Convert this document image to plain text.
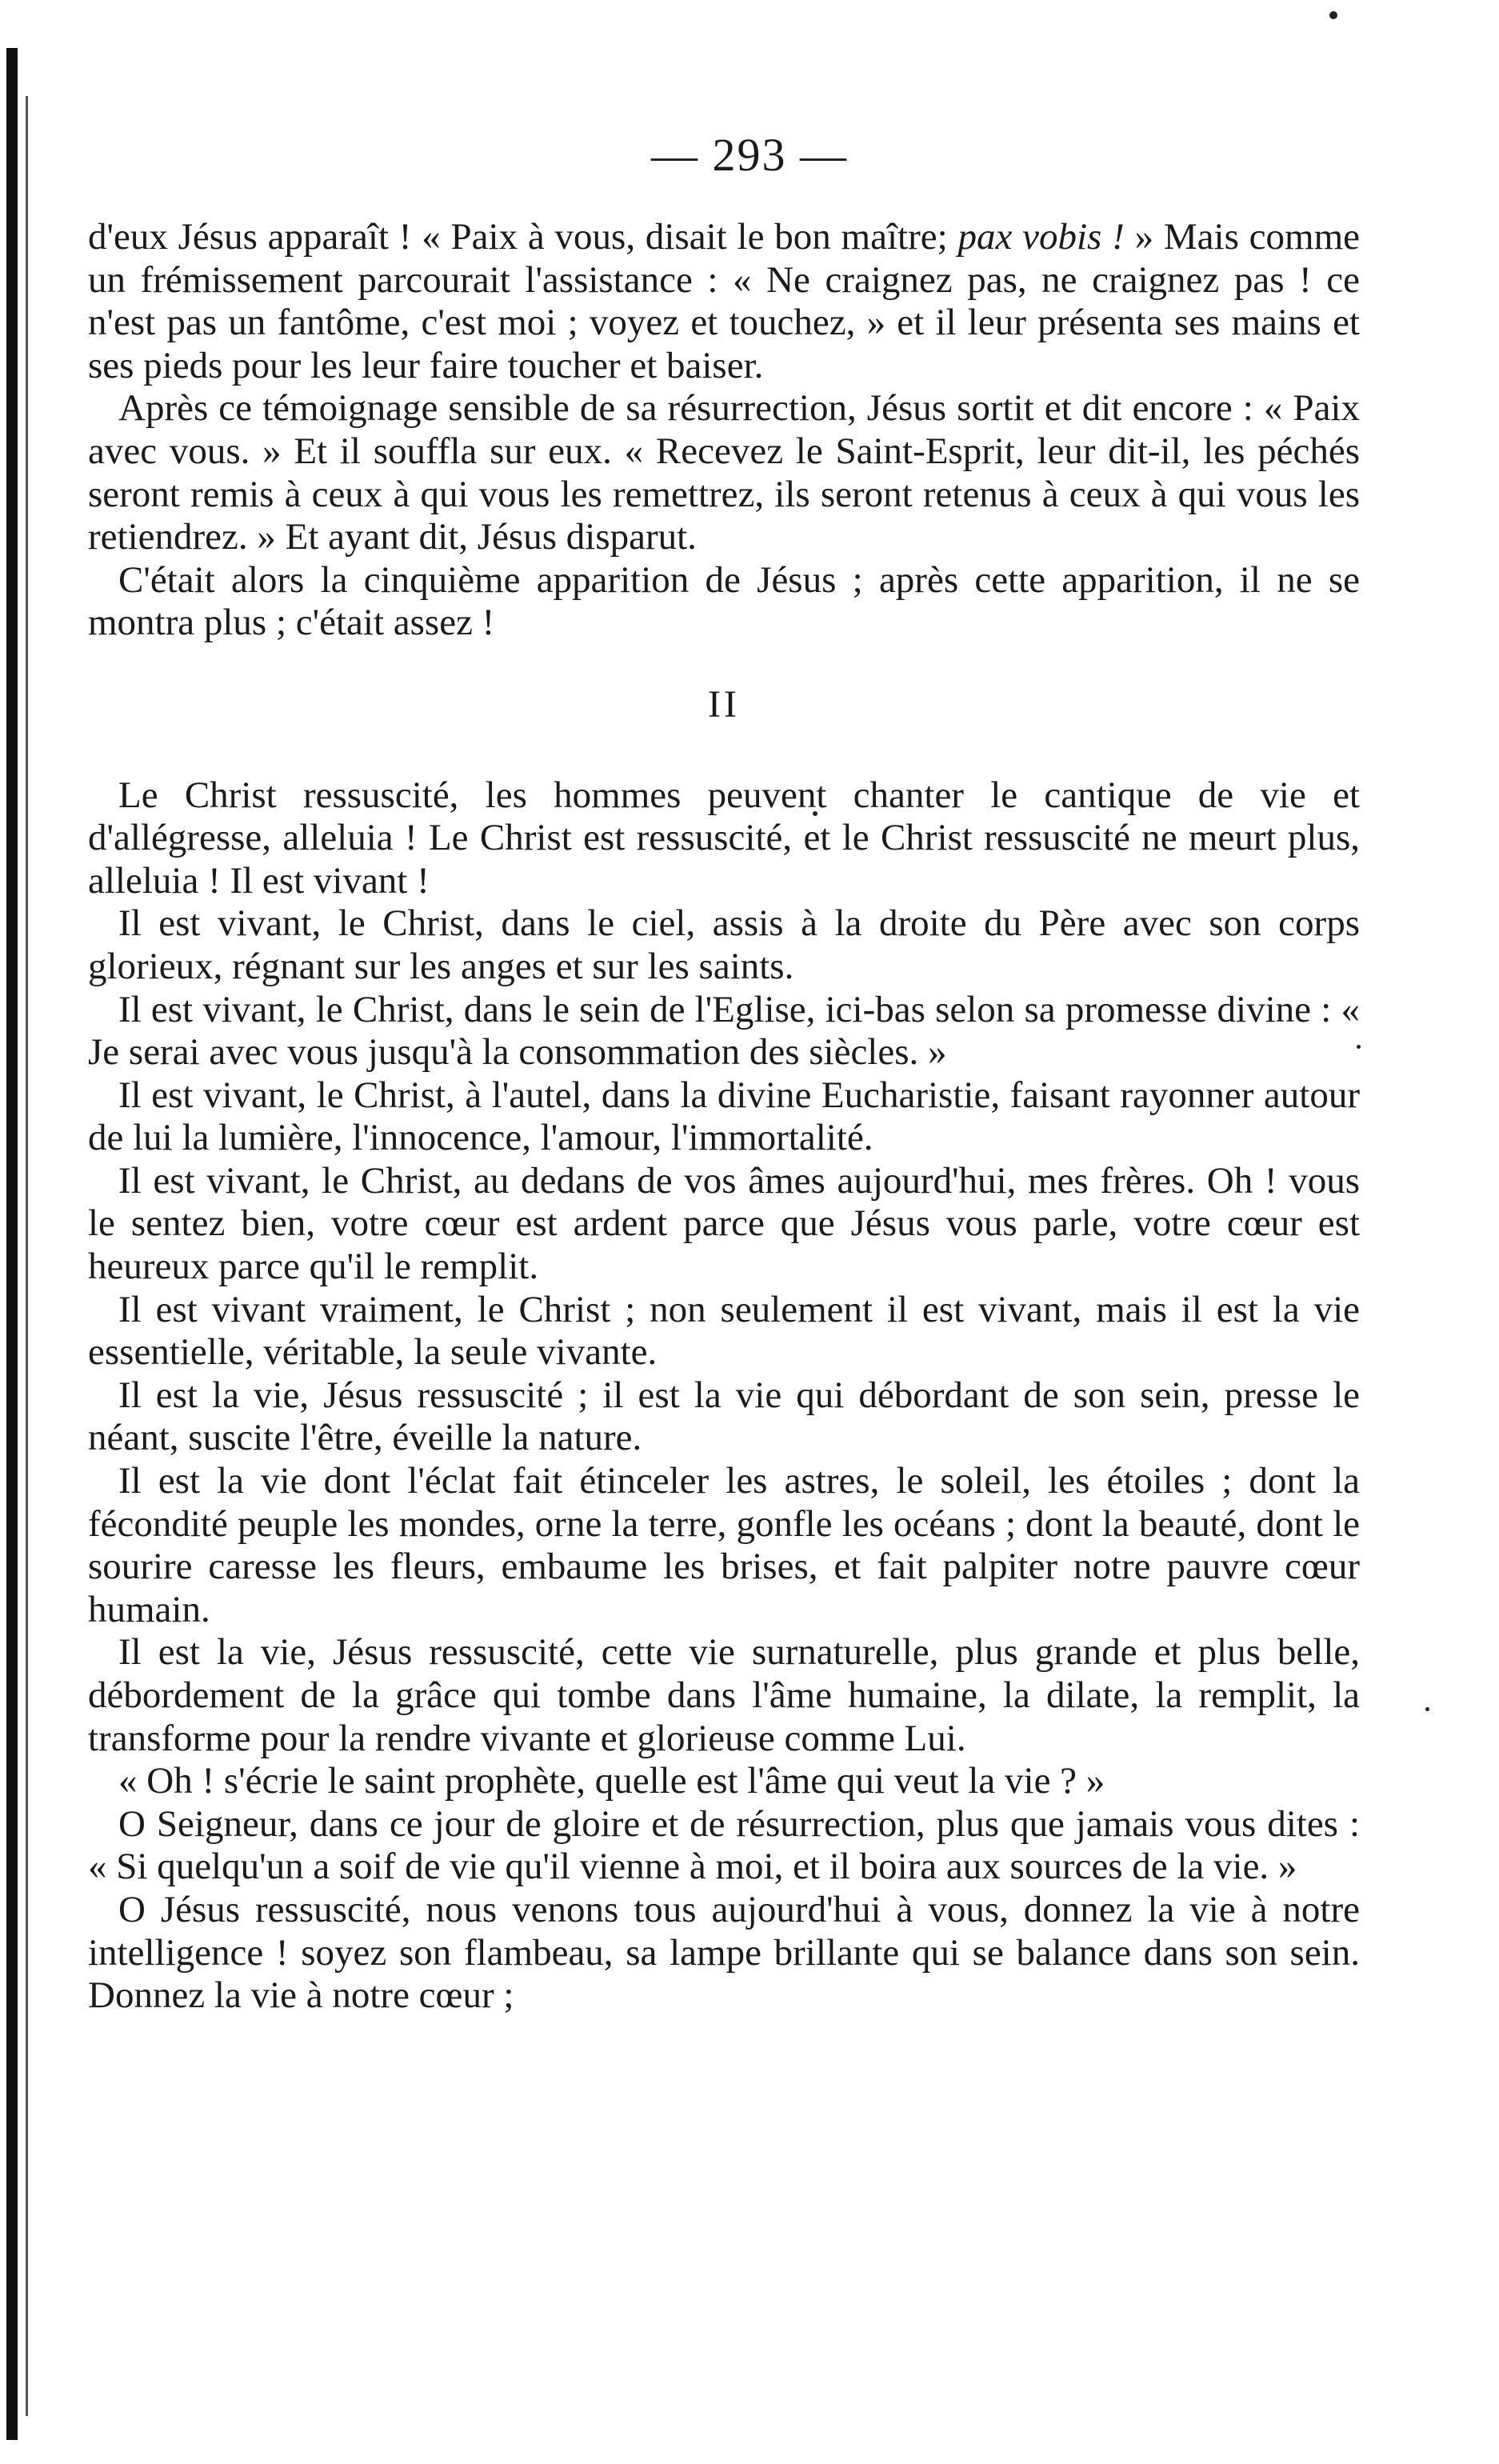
— 293 —

d'eux Jésus apparaît ! « Paix à vous, disait le bon maître; pax vobis ! » Mais comme un frémissement parcourait l'assistance : « Ne craignez pas, ne craignez pas ! ce n'est pas un fantôme, c'est moi ; voyez et touchez, » et il leur présenta ses mains et ses pieds pour les leur faire toucher et baiser.

Après ce témoignage sensible de sa résurrection, Jésus sortit et dit encore : « Paix avec vous. » Et il souffla sur eux. « Recevez le Saint-Esprit, leur dit-il, les péchés seront remis à ceux à qui vous les remettrez, ils seront retenus à ceux à qui vous les retiendrez. » Et ayant dit, Jésus disparut.

C'était alors la cinquième apparition de Jésus ; après cette apparition, il ne se montra plus ; c'était assez !

II

Le Christ ressuscité, les hommes peuvent chanter le cantique de vie et d'allégresse, alleluia ! Le Christ est ressuscité, et le Christ ressuscité ne meurt plus, alleluia ! Il est vivant !

Il est vivant, le Christ, dans le ciel, assis à la droite du Père avec son corps glorieux, régnant sur les anges et sur les saints.

Il est vivant, le Christ, dans le sein de l'Eglise, ici-bas selon sa promesse divine : « Je serai avec vous jusqu'à la consommation des siècles. »

Il est vivant, le Christ, à l'autel, dans la divine Eucharistie, faisant rayonner autour de lui la lumière, l'innocence, l'amour, l'immortalité.

Il est vivant, le Christ, au dedans de vos âmes aujourd'hui, mes frères. Oh ! vous le sentez bien, votre cœur est ardent parce que Jésus vous parle, votre cœur est heureux parce qu'il le remplit.

Il est vivant vraiment, le Christ ; non seulement il est vivant, mais il est la vie essentielle, véritable, la seule vivante.

Il est la vie, Jésus ressuscité ; il est la vie qui débordant de son sein, presse le néant, suscite l'être, éveille la nature.

Il est la vie dont l'éclat fait étinceler les astres, le soleil, les étoiles ; dont la fécondité peuple les mondes, orne la terre, gonfle les océans ; dont la beauté, dont le sourire caresse les fleurs, embaume les brises, et fait palpiter notre pauvre cœur humain.

Il est la vie, Jésus ressuscité, cette vie surnaturelle, plus grande et plus belle, débordement de la grâce qui tombe dans l'âme humaine, la dilate, la remplit, la transforme pour la rendre vivante et glorieuse comme Lui.

« Oh ! s'écrie le saint prophète, quelle est l'âme qui veut la vie ? »

O Seigneur, dans ce jour de gloire et de résurrection, plus que jamais vous dites : « Si quelqu'un a soif de vie qu'il vienne à moi, et il boira aux sources de la vie. »

O Jésus ressuscité, nous venons tous aujourd'hui à vous, donnez la vie à notre intelligence ! soyez son flambeau, sa lampe brillante qui se balance dans son sein. Donnez la vie à notre cœur ;
